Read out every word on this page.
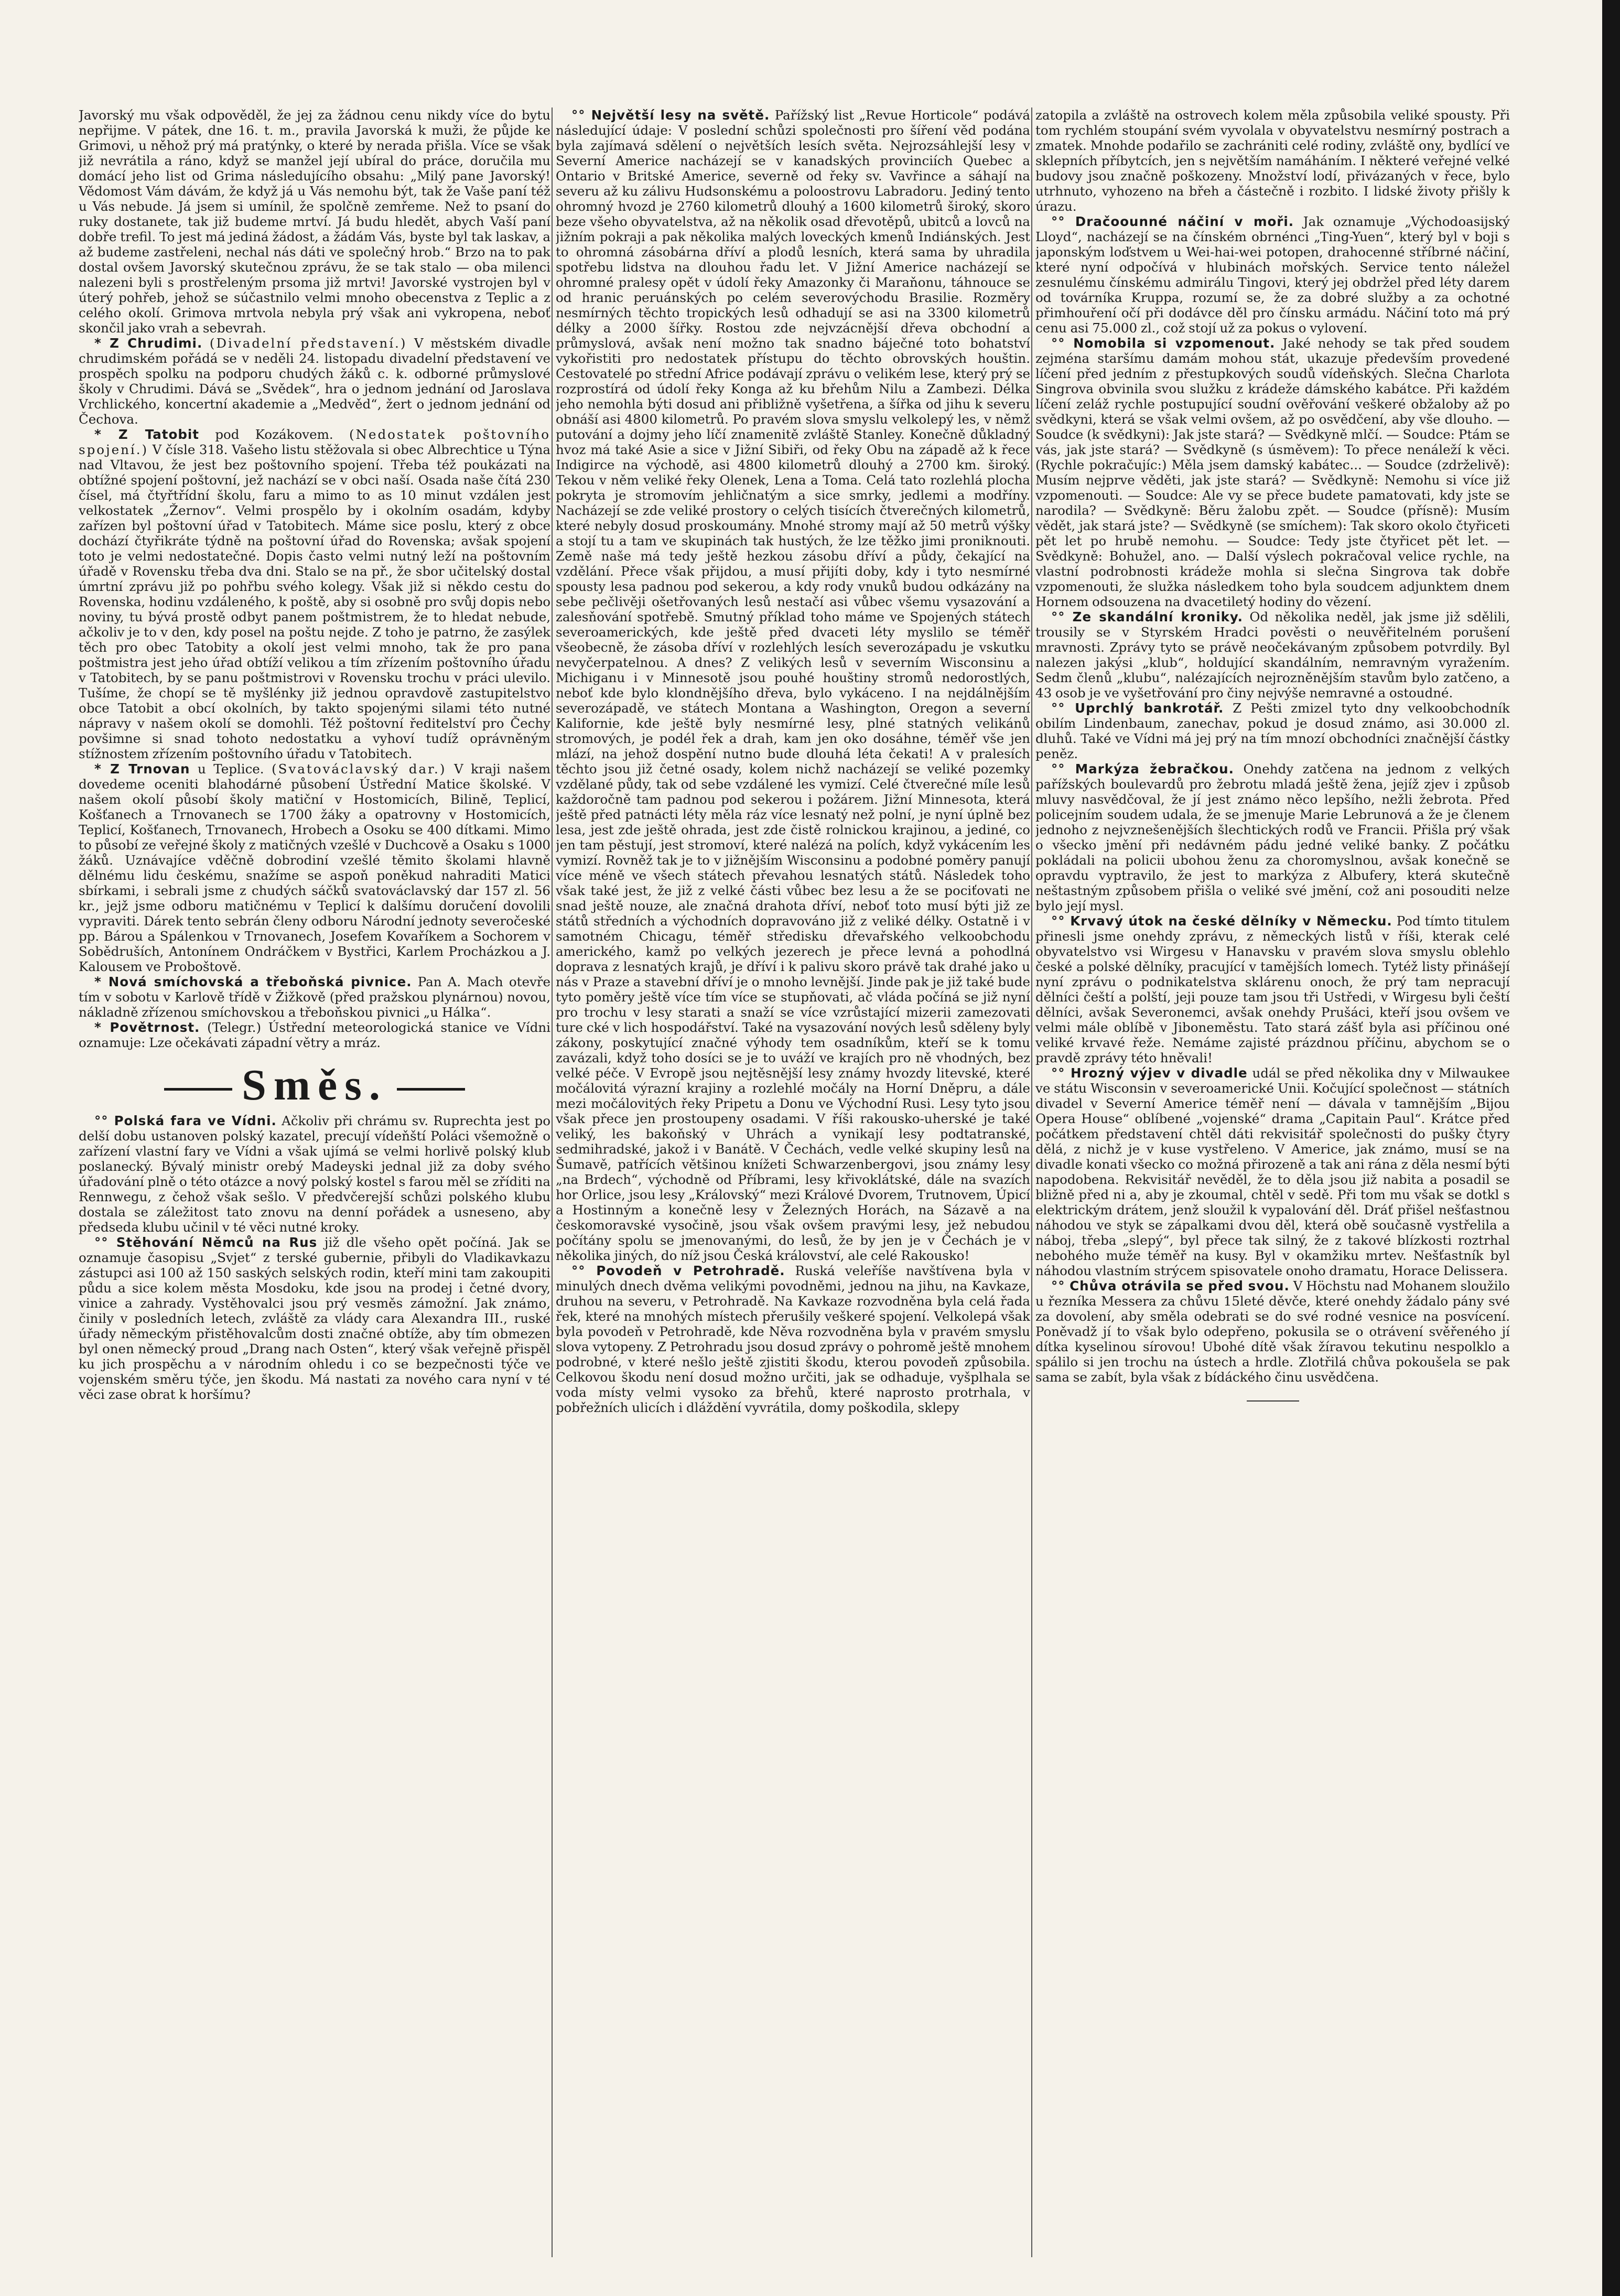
Javorský mu však odpověděl, že jej za žádnou cenu nikdy více do bytu nepřijme. V pátek, dne 16. t. m., pravila Javorská k muži, že půjde ke Grimovi, u něhož prý má pratýnky, o které by nerada přišla. Více se však již nevrátila a ráno, když se manžel její ubíral do práce, doručila mu domácí jeho list od Grima následujícího obsahu: „Milý pane Javorský! Vědomost Vám dávám, že když já u Vás nemohu být, tak že Vaše paní též u Vás nebude. Já jsem si umínil, že spolčně zemřeme. Než to psaní do ruky dostanete, tak již budeme mrtví. Já budu hledět, abych Vaší paní dobře trefil. To jest má jediná žádost, a žádám Vás, byste byl tak laskav, a až budeme zastřeleni, nechal nás dáti ve společný hrob.“ Brzo na to pak dostal ovšem Javorský skutečnou zprávu, že se tak stalo — oba milenci nalezeni byli s prostřeleným prsoma již mrtvi! Javorské vystrojen byl v úterý pohřeb, jehož se súčastnilo velmi mnoho obecenstva z Teplic a z celého okolí. Grimova mrtvola nebyla prý však ani vykropena, neboť skončil jako vrah a sebevrah.

* Z Chrudimi. (Divadelní představení.) V městském divadle chrudimském pořádá se v neděli 24. listopadu divadelní představení ve prospěch spolku na podporu chudých žáků c. k. odborné průmyslové školy v Chrudimi. Dává se „Svědek“, hra o jednom jednání od Jaroslava Vrchlického, koncertní akademie a „Medvěd“, žert o jednom jednání od Čechova.

* Z Tatobit pod Kozákovem. (Nedostatek poštovního spojení.) V čísle 318. Vašeho listu stěžovala si obec Albrechtice u Týna nad Vltavou, že jest bez poštovního spojení. Třeba též poukázati na obtížné spojení poštovní, jež nachází se v obci naší. Osada naše čítá 230 čísel, má čtyřtřídní školu, faru a mimo to as 10 minut vzdálen jest velkostatek „Žernov“. Velmi prospělo by i okolním osadám, kdyby zařízen byl poštovní úřad v Tatobitech. Máme sice poslu, který z obce dochází čtyřikráte týdně na poštovní úřad do Rovenska; avšak spojení toto je velmi nedostatečné. Dopis často velmi nutný leží na poštovním úřadě v Rovensku třeba dva dni. Stalo se na př., že sbor učitelský dostal úmrtní zprávu již po pohřbu svého kolegy. Však již si někdo cestu do Rovenska, hodinu vzdáleného, k poště, aby si osobně pro svůj dopis nebo noviny, tu bývá prostě odbyt panem poštmistrem, že to hledat nebude, ačkoliv je to v den, kdy posel na poštu nejde. Z toho je patrno, že zasýlek těch pro obec Tatobity a okolí jest velmi mnoho, tak že pro pana poštmistra jest jeho úřad obtíží velikou a tím zřízením poštovního úřadu v Tatobitech, by se panu poštmistrovi v Rovensku trochu v práci ulevilo. Tušíme, že chopí se tě myšlénky již jednou opravdově zastupitelstvo obce Tatobit a obcí okolních, by takto spojenými silami této nutné nápravy v našem okolí se domohli. Též poštovní ředitelství pro Čechy povšimne si snad tohoto nedostatku a vyhoví tudíž oprávněným stížnostem zřízením poštovního úřadu v Tatobitech.

* Z Trnovan u Teplice. (Svatováclavský dar.) V kraji našem dovedeme oceniti blahodárné působení Ústřední Matice školské. V našem okolí působí školy matiční v Hostomicích, Bilině, Teplicí, Košťanech a Trnovanech se 1700 žáky a opatrovny v Hostomicích, Teplicí, Košťanech, Trnovanech, Hrobech a Osoku se 400 dítkami. Mimo to působí ze veřejné školy z matičných vzešlé v Duchcově a Osaku s 1000 žáků. Uznávajíce vděčně dobrodiní vzešlé těmito školami hlavně dělnému lidu českému, snažíme se aspoň poněkud nahraditi Matici sbírkami, i sebrali jsme z chudých sáčků svatováclavský dar 157 zl. 56 kr., jejž jsme odboru matičnému v Teplicí k dalšímu doručení dovolili vypraviti. Dárek tento sebrán členy odboru Národní jednoty severočeské pp. Bárou a Spálenkou v Trnovanech, Josefem Kovaříkem a Sochorem v Sobědruších, Antonínem Ondráčkem v Bystřici, Karlem Procházkou a J. Kalousem ve Proboštově.

* Nová smíchovská a třeboňská pivnice. Pan A. Mach otevře tím v sobotu v Karlově třídě v Žižkově (před pražskou plynárnou) novou, nákladně zřízenou smíchovskou a třeboňskou pivnici „u Hálka“.

* Povětrnost. (Telegr.) Ústřední meteorologická stanice ve Vídni oznamuje: Lze očekávati západní větry a mráz.

Směs.

°° Polská fara ve Vídni. Ačkoliv při chrámu sv. Ruprechta jest po delší dobu ustanoven polský kazatel, precují vídeňští Poláci všemožně o zařízení vlastní fary ve Vídni a však ujímá se velmi horlivě polský klub poslanecký. Bývalý ministr orebý Madeyski jednal již za doby svého úřadování plně o této otázce a nový polský kostel s farou měl se zříditi na Rennwegu, z čehož však sešlo. V předvčerejší schůzi polského klubu dostala se záležitost tato znovu na denní pořádek a usneseno, aby předseda klubu učinil v té věci nutné kroky.

°° Stěhování Němců na Rus již dle všeho opět počíná. Jak se oznamuje časopisu „Svjet“ z terské gubernie, přibyli do Vladikavkazu zástupci asi 100 až 150 saských selských rodin, kteří mini tam zakoupiti půdu a sice kolem města Mosdoku, kde jsou na prodej i četné dvory, vinice a zahrady. Vystěhovalci jsou prý vesměs zámožní. Jak známo, činily v posledních letech, zvláště za vlády cara Alexandra III., ruské úřady německým přistěhovalcům dosti značné obtíže, aby tím obmezen byl onen německý proud „Drang nach Osten“, který však veřejně přispěl ku jich prospěchu a v národním ohledu i co se bezpečnosti týče ve vojenském směru týče, jen škodu. Má nastati za nového cara nyní v té věci zase obrat k horšímu?

°° Největší lesy na světě. Pařížský list „Revue Horticole“ podává následující údaje: V poslední schůzi společnosti pro šíření věd podána byla zajímavá sdělení o největších lesích světa. Nejrozsáhlejší lesy v Severní Americe nacházejí se v kanadských provinciích Quebec a Ontario v Britské Americe, severně od řeky sv. Vavřince a sáhají na severu až ku zálivu Hudsonskému a poloostrovu Labradoru. Jediný tento ohromný hvozd je 2760 kilometrů dlouhý a 1600 kilometrů široký, skoro beze všeho obyvatelstva, až na několik osad dřevotěpů, ubitců a lovců na jižním pokraji a pak několika malých loveckých kmenů Indiánských. Jest to ohromná zásobárna dříví a plodů lesních, která sama by uhradila spotřebu lidstva na dlouhou řadu let. V Jižní Americe nacházejí se ohromné pralesy opět v údolí řeky Amazonky či Maraňonu, táhnouce se od hranic peruánských po celém severovýchodu Brasilie. Rozměry nesmírných těchto tropických lesů odhadují se asi na 3300 kilometrů délky a 2000 šířky. Rostou zde nejvzácnější dřeva obchodní a průmyslová, avšak není možno tak snadno báječné toto bohatství vykořistiti pro nedostatek přístupu do těchto obrovských houštin. Cestovatelé po střední Africe podávají zprávu o velikém lese, který prý se rozprostírá od údolí řeky Konga až ku břehům Nilu a Zambezi. Délka jeho nemohla býti dosud ani přibližně vyšetřena, a šířka od jihu k severu obnáší asi 4800 kilometrů. Po pravém slova smyslu velkolepý les, v němž putování a dojmy jeho líčí znamenitě zvláště Stanley. Konečně důkladný hvoz má také Asie a sice v Jižní Sibiři, od řeky Obu na západě až k řece Indigirce na východě, asi 4800 kilometrů dlouhý a 2700 km. široký. Tekou v něm veliké řeky Olenek, Lena a Toma. Celá tato rozlehlá plocha pokryta je stromovím jehličnatým a sice smrky, jedlemi a modříny. Nacházejí se zde veliké prostory o celých tisících čtverečných kilometrů, které nebyly dosud proskoumány. Mnohé stromy mají až 50 metrů výšky a stojí tu a tam ve skupinách tak hustých, že lze těžko jimi proniknouti. Země naše má tedy ještě hezkou zásobu dříví a půdy, čekající na vzdělání. Přece však přijdou, a musí přijíti doby, kdy i tyto nesmírné spousty lesa padnou pod sekerou, a kdy rody vnuků budou odkázány na sebe pečlivěji ošetřovaných lesů nestačí asi vůbec všemu vysazování a zalesňování spotřebě. Smutný příklad toho máme ve Spojených státech severoamerických, kde ještě před dvaceti léty myslilo se téměř všeobecně, že zásoba dříví v rozlehlých lesích severozápadu je vskutku nevyčerpatelnou. A dnes? Z velikých lesů v severním Wisconsinu a Michiganu i v Minnesotě jsou pouhé houštiny stromů nedorostlých, neboť kde bylo klondnějšího dřeva, bylo vykáceno. I na nejdálnějším severozápadě, ve státech Montana a Washington, Oregon a severní Kalifornie, kde ještě byly nesmírné lesy, plné statných velikánů stromových, je podél řek a drah, kam jen oko dosáhne, téměř vše jen mlází, na jehož dospění nutno bude dlouhá léta čekati! A v pralesích těchto jsou již četné osady, kolem nichž nacházejí se veliké pozemky vzdělané půdy, tak od sebe vzdálené les vymizí. Celé čtverečné míle lesů každoročně tam padnou pod sekerou i požárem. Jižní Minnesota, která ještě před patnácti léty měla ráz více lesnatý než polní, je nyní úplně bez lesa, jest zde ještě ohrada, jest zde čistě rolnickou krajinou, a jediné, co jen tam pěstují, jest stromoví, které nalézá na polích, když vykácením les vymizí. Rovněž tak je to v jižnějším Wisconsinu a podobné poměry panují více méně ve všech státech převahou lesnatých států. Následek toho však také jest, že již z velké části vůbec bez lesu a že se pociťovati ne snad ještě nouze, ale značná drahota dříví, neboť toto musí býti již ze států středních a východních dopravováno již z veliké délky. Ostatně i v samotném Chicagu, téměř středisku dřevařského velkoobchodu amerického, kamž po velkých jezerech je přece levná a pohodlná doprava z lesnatých krajů, je dříví i k palivu skoro právě tak drahé jako u nás v Praze a stavební dříví je o mnoho levnější. Jinde pak je již také bude tyto poměry ještě více tím více se stupňovati, ač vláda počíná se již nyní pro trochu v lesy starati a snaží se více vzrůstající mizerii zamezovati ture cké v lich hospodářství. Také na vysazování nových lesů sděleny byly zákony, poskytující značné výhody tem osadníkům, kteří se k tomu zavázali, když toho dosíci se je to uváží ve krajích pro ně vhodných, bez velké péče. V Evropě jsou nejtěsnější lesy známy hvozdy litevské, které močálovitá výrazní krajiny a rozlehlé močály na Horní Dněpru, a dále mezi močálovitých řeky Pripetu a Donu ve Východní Rusi. Lesy tyto jsou však přece jen prostoupeny osadami. V říši rakousko-uherské je také veliký, les bakoňský v Uhrách a vynikají lesy podtatranské, sedmihradské, jakož i v Banátě. V Čechách, vedle velké skupiny lesů na Šumavě, patřících většinou knížeti Schwarzenbergovi, jsou známy lesy „na Brdech“, východně od Příbrami, lesy křivoklátské, dále na svazích hor Orlice, jsou lesy „Královský“ mezi Králové Dvorem, Trutnovem, Úpicí a Hostinným a konečně lesy v Železných Horách, na Sázavě a na českomoravské vysočině, jsou však ovšem pravými lesy, jež nebudou počítány spolu se jmenovanými, do lesů, že by jen je v Čechách je v několika jiných, do níž jsou Česká království, ale celé Rakousko!

°° Povodeň v Petrohradě. Ruská veleříše navštívena byla v minulých dnech dvěma velikými povodněmi, jednou na jihu, na Kavkaze, druhou na severu, v Petrohradě. Na Kavkaze rozvodněna byla celá řada řek, které na mnohých místech přerušily veškeré spojení. Velkolepá však byla povodeň v Petrohradě, kde Něva rozvodněna byla v pravém smyslu slova vytopeny. Z Petrohradu jsou dosud zprávy o pohromě ještě mnohem podrobné, v které nešlo ještě zjistiti škodu, kterou povodeň způsobila. Celkovou škodu není dosud možno určiti, jak se odhaduje, vyšplhala se voda místy velmi vysoko za břehů, které naprosto protrhala, v pobřežních ulicích i dláždění vyvrátila, domy poškodila, sklepy

zatopila a zvláště na ostrovech kolem měla způsobila veliké spousty. Při tom rychlém stoupání svém vyvolala v obyvatelstvu nesmírný postrach a zmatek. Mnohde podařilo se zachrániti celé rodiny, zvláště ony, bydlící ve sklepních příbytcích, jen s největším namáháním. I některé veřejné velké budovy jsou značně poškozeny. Množství lodí, přivázaných v řece, bylo utrhnuto, vyhozeno na břeh a částečně i rozbito. I lidské životy přišly k úrazu.

°° Dračoounné náčiní v moři. Jak oznamuje „Východoasijský Lloyd“, nacházejí se na čínském obrnénci „Ting-Yuen“, který byl v boji s japonským loďstvem u Wei-hai-wei potopen, drahocenné stříbrné náčiní, které nyní odpočívá v hlubinách mořských. Service tento náležel zesnulému čínskému admirálu Tingovi, který jej obdržel před léty darem od továrníka Kruppa, rozumí se, že za dobré služby a za ochotné přimhouření očí při dodávce děl pro čínsku armádu. Náčiní toto má prý cenu asi 75.000 zl., což stojí už za pokus o vylovení.

°° Nomobila si vzpomenout. Jaké nehody se tak před soudem zejména staršímu damám mohou stát, ukazuje především provedené líčení před jedním z přestupkových soudů vídeňských. Slečna Charlota Singrova obvinila svou služku z krádeže dámského kabátce. Při každém líčení zeláž rychle postupující soudní ověřování veškeré obžaloby až po svědkyni, která se však velmi ovšem, až po osvědčení, aby vše dlouho. — Soudce (k svědkyni): Jak jste stará? — Svědkyně mlčí. — Soudce: Ptám se vás, jak jste stará? — Svědkyně (s úsměvem): To přece nenáleží k věci. (Rychle pokračujíc:) Měla jsem damský kabátec... — Soudce (zdrželivě): Musím nejprve věděti, jak jste stará? — Svědkyně: Nemohu si více již vzpomenouti. — Soudce: Ale vy se přece budete pamatovati, kdy jste se narodila? — Svědkyně: Běru žalobu zpět. — Soudce (přísně): Musím vědět, jak stará jste? — Svědkyně (se smíchem): Tak skoro okolo čtyřiceti pět let po hrubě nemohu. — Soudce: Tedy jste čtyřicet pět let. — Svědkyně: Bohužel, ano. — Další výslech pokračoval velice rychle, na vlastní podrobnosti krádeže mohla si slečna Singrova tak dobře vzpomenouti, že služka následkem toho byla soudcem adjunktem dnem Hornem odsouzena na dvacetiletý hodiny do vězení.

°° Ze skandální kroniky. Od několika neděl, jak jsme již sdělili, trousily se v Styrském Hradci pověsti o neuvěřitelném porušení mravnosti. Zprávy tyto se právě neočekávaným způsobem potvrdily. Byl nalezen jakýsi „klub“, holdující skandálním, nemravným vyražením. Sedm členů „klubu“, nalézajících nejrozněnějším stavům bylo zatčeno, a 43 osob je ve vyšetřování pro činy nejvýše nemravné a ostoudné.

°° Uprchlý bankrotář. Z Pešti zmizel tyto dny velkoobchodník obilím Lindenbaum, zanechav, pokud je dosud známo, asi 30.000 zl. dluhů. Také ve Vídni má jej prý na tím mnozí obchodníci značnější částky peněz.

°° Markýza žebračkou. Onehdy zatčena na jednom z velkých pařížských boulevardů pro žebrotu mladá ještě žena, jejíž zjev i způsob mluvy nasvědčoval, že jí jest známo něco lepšího, nežli žebrota. Před policejním soudem udala, že se jmenuje Marie Lebrunová a že je členem jednoho z nejvznešenějších šlechtických rodů ve Francii. Přišla prý však o všecko jmění při nedávném pádu jedné veliké banky. Z počátku pokládali na policii ubohou ženu za choromyslnou, avšak konečně se opravdu vyptravilo, že jest to markýza z Albufery, která skutečně neštastným způsobem přišla o veliké své jmění, což ani posouditi nelze bylo její mysl.

°° Krvavý útok na české dělníky v Německu. Pod tímto titulem přinesli jsme onehdy zprávu, z německých listů v říši, kterak celé obyvatelstvo vsi Wirgesu v Hanavsku v pravém slova smyslu oblehlo české a polské dělníky, pracující v tamějších lomech. Tytéž listy přinášejí nyní zprávu o podnikatelstva sklárenu onoch, že prý tam nepracují dělníci čeští a polští, jeji pouze tam jsou tři Ustředi, v Wirgesu byli čeští dělníci, avšak Severonemci, avšak onehdy Prušáci, kteří jsou ovšem ve velmi mále oblíbě v Jiboneměstu. Tato stará zášť byla asi příčinou oné veliké krvavé řeže. Nemáme zajisté prázdnou příčinu, abychom se o pravdě zprávy této hněvali!

°° Hrozný výjev v divadle udál se před několika dny v Milwaukee ve státu Wisconsin v severoamerické Unii. Kočující společnost — státních divadel v Severní Americe téměř není — dávala v tamnějším „Bijou Opera House“ oblíbené „vojenské“ drama „Capitain Paul“. Krátce před počátkem představení chtěl dáti rekvisitář společnosti do pušky čtyry dělá, z nichž je v kuse vystřeleno. V Americe, jak známo, musí se na divadle konati všecko co možná přirozeně a tak ani rána z děla nesmí býti napodobena. Rekvisitář nevěděl, že to děla jsou již nabita a posadil se bližně před ni a, aby je zkoumal, chtěl v sedě. Při tom mu však se dotkl s elektrickým drátem, jenž sloužil k vypalování děl. Dráť přišel nešťastnou náhodou ve styk se zápalkami dvou děl, která obě současně vystřelila a náboj, třeba „slepý“, byl přece tak silný, že z takové blízkosti roztrhal nebohého muže téměř na kusy. Byl v okamžiku mrtev. Nešťastník byl náhodou vlastním strýcem spisovatele onoho dramatu, Horace Delissera.

°° Chůva otrávila se před svou. V Höchstu nad Mohanem sloužilo u řezníka Messera za chůvu 15leté děvče, které onehdy žádalo pány své za dovolení, aby směla odebrati se do své rodné vesnice na posvícení. Poněvadž jí to však bylo odepřeno, pokusila se o otrávení svěřeného jí dítka kyselinou sírovou! Ubohé dítě však žíravou tekutinu nespolklo a spálilo si jen trochu na ústech a hrdle. Zlotřilá chůva pokoušela se pak sama se zabít, byla však z bídáckého činu usvědčena.
